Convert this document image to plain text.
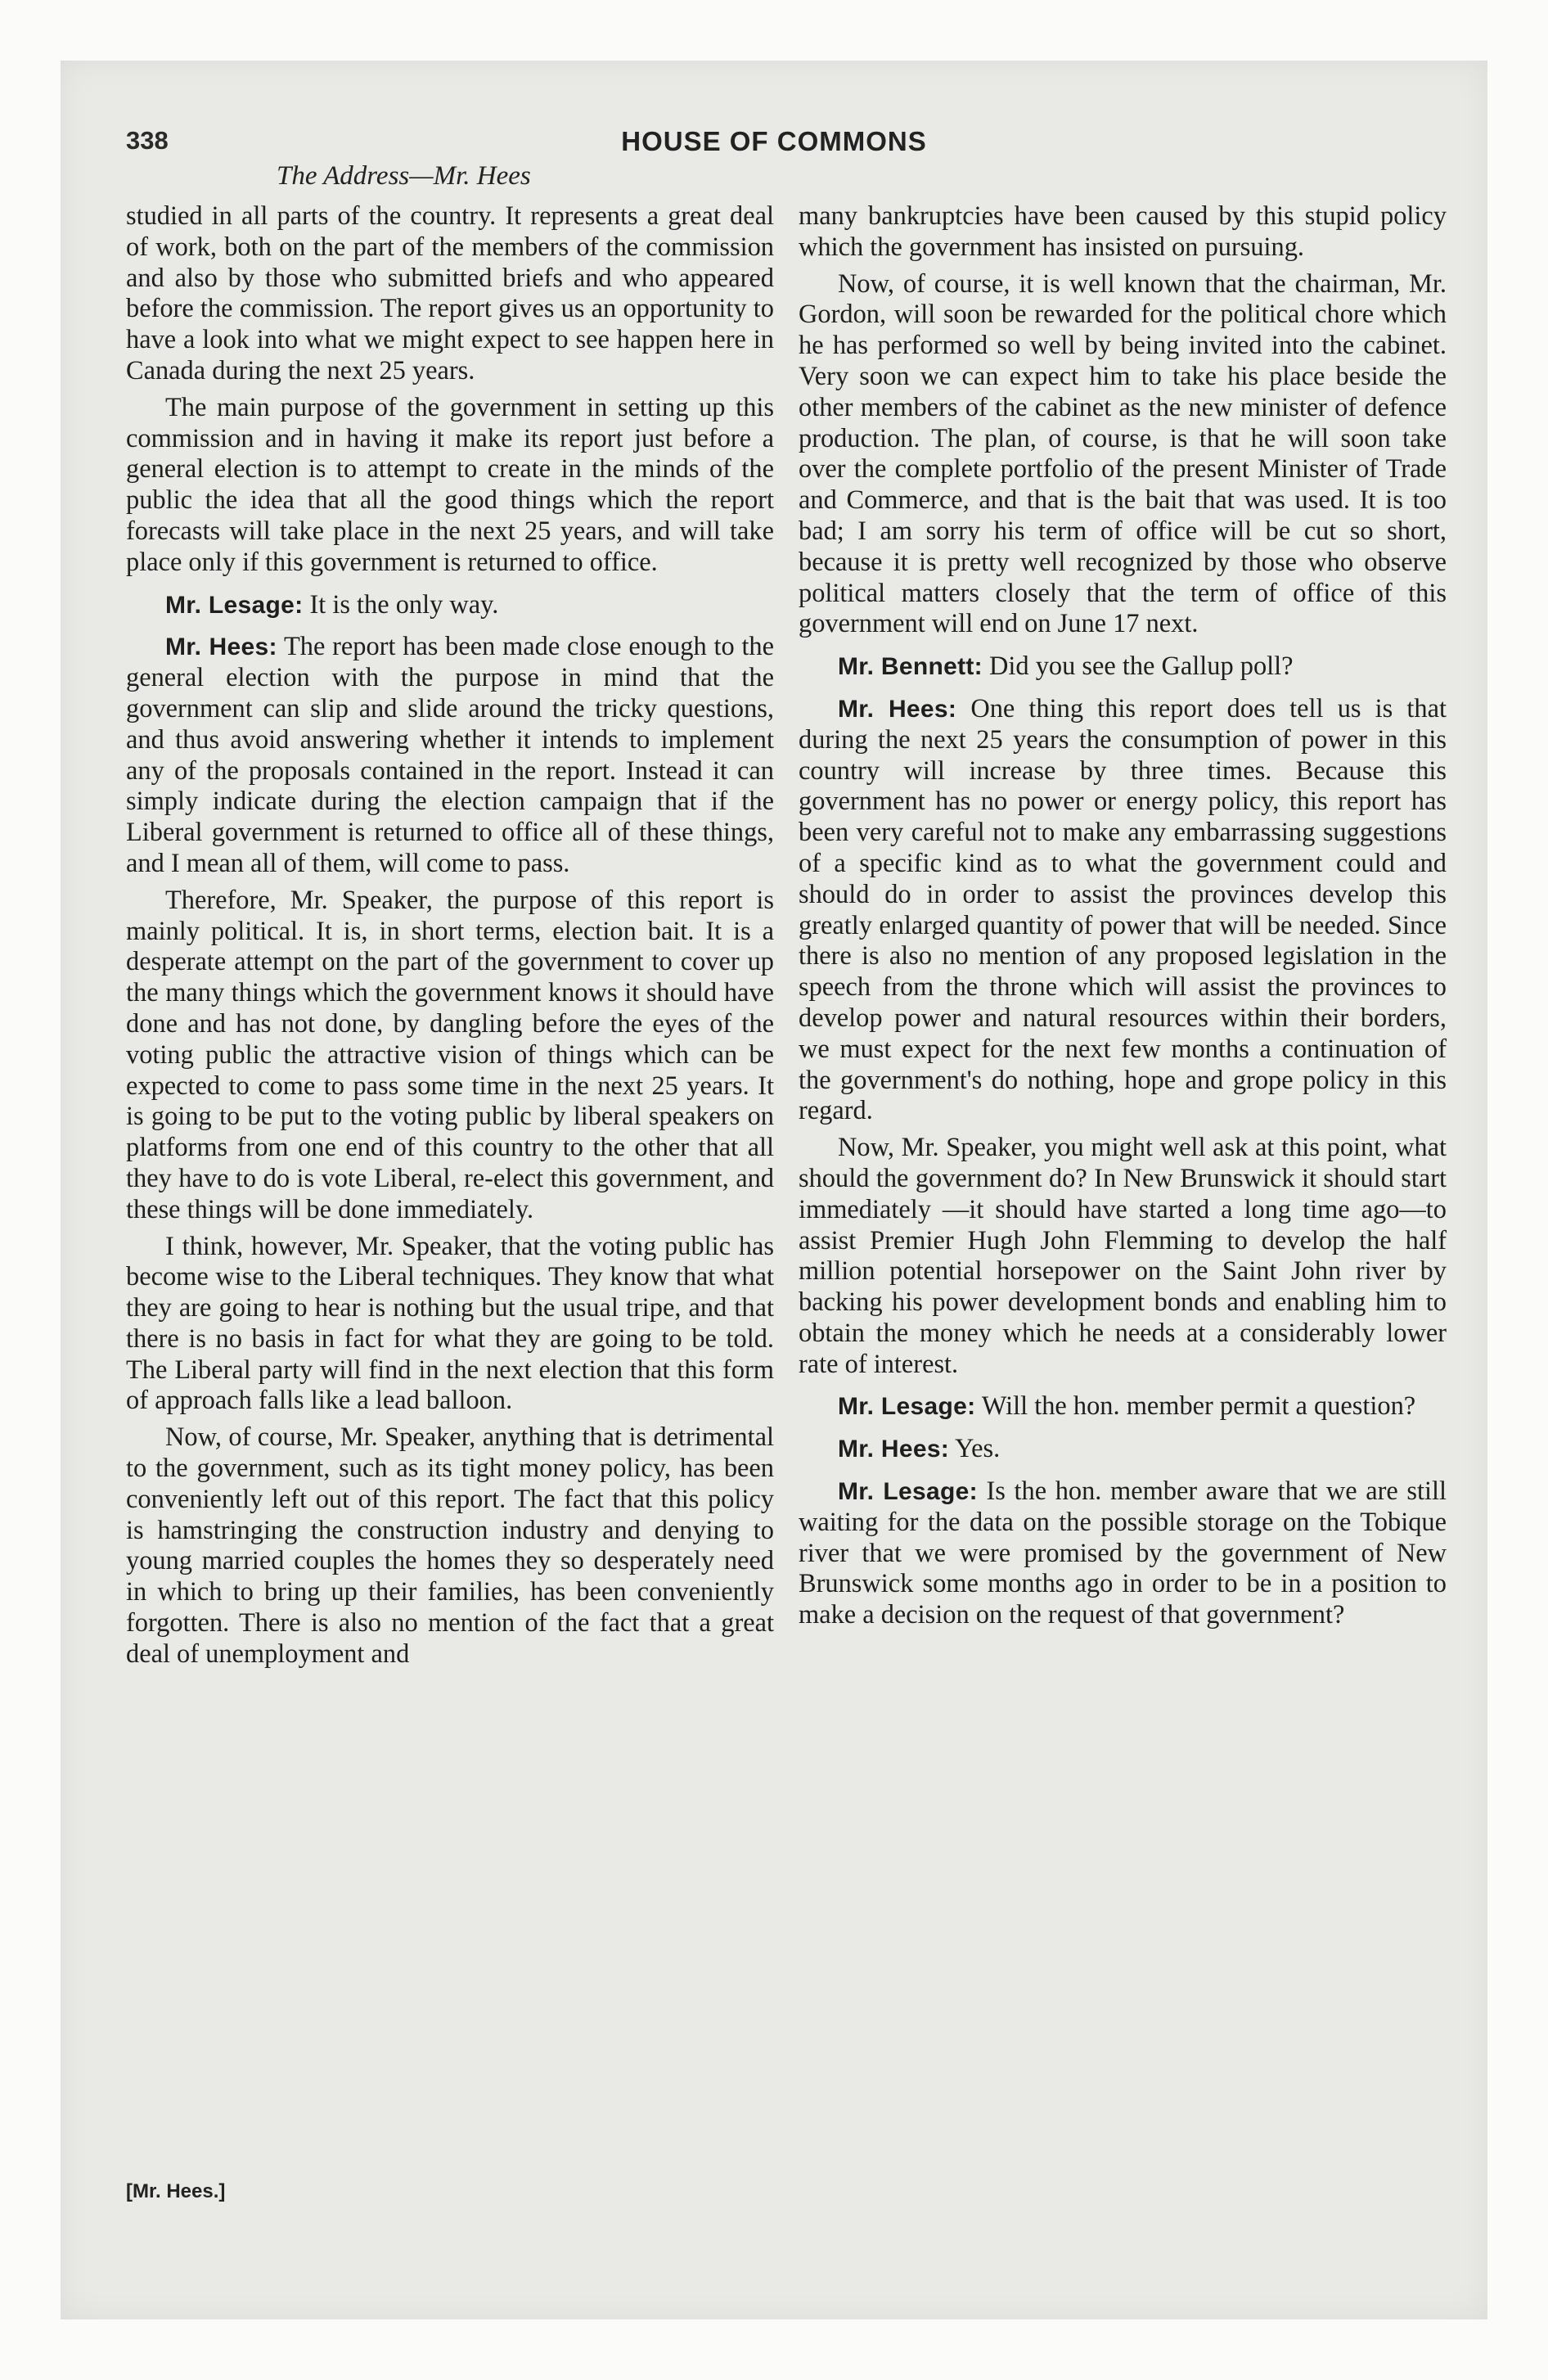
338	HOUSE OF COMMONS
The Address—Mr. Hees

studied in all parts of the country. It represents a great deal of work, both on the part of the members of the commission and also by those who submitted briefs and who appeared before the commission. The report gives us an opportunity to have a look into what we might expect to see happen here in Canada during the next 25 years.

The main purpose of the government in setting up this commission and in having it make its report just before a general election is to attempt to create in the minds of the public the idea that all the good things which the report forecasts will take place in the next 25 years, and will take place only if this government is returned to office.

Mr. Lesage: It is the only way.

Mr. Hees: The report has been made close enough to the general election with the purpose in mind that the government can slip and slide around the tricky questions, and thus avoid answering whether it intends to implement any of the proposals contained in the report. Instead it can simply indicate during the election campaign that if the Liberal government is returned to office all of these things, and I mean all of them, will come to pass.

Therefore, Mr. Speaker, the purpose of this report is mainly political. It is, in short terms, election bait. It is a desperate attempt on the part of the government to cover up the many things which the government knows it should have done and has not done, by dangling before the eyes of the voting public the attractive vision of things which can be expected to come to pass some time in the next 25 years. It is going to be put to the voting public by liberal speakers on platforms from one end of this country to the other that all they have to do is vote Liberal, re-elect this government, and these things will be done immediately.

I think, however, Mr. Speaker, that the voting public has become wise to the Liberal techniques. They know that what they are going to hear is nothing but the usual tripe, and that there is no basis in fact for what they are going to be told. The Liberal party will find in the next election that this form of approach falls like a lead balloon.

Now, of course, Mr. Speaker, anything that is detrimental to the government, such as its tight money policy, has been conveniently left out of this report. The fact that this policy is hamstringing the construction industry and denying to young married couples the homes they so desperately need in which to bring up their families, has been conveniently forgotten. There is also no mention of the fact that a great deal of unemployment and

many bankruptcies have been caused by this stupid policy which the government has insisted on pursuing.

Now, of course, it is well known that the chairman, Mr. Gordon, will soon be rewarded for the political chore which he has performed so well by being invited into the cabinet. Very soon we can expect him to take his place beside the other members of the cabinet as the new minister of defence production. The plan, of course, is that he will soon take over the complete portfolio of the present Minister of Trade and Commerce, and that is the bait that was used. It is too bad; I am sorry his term of office will be cut so short, because it is pretty well recognized by those who observe political matters closely that the term of office of this government will end on June 17 next.

Mr. Bennett: Did you see the Gallup poll?

Mr. Hees: One thing this report does tell us is that during the next 25 years the consumption of power in this country will increase by three times. Because this government has no power or energy policy, this report has been very careful not to make any embarrassing suggestions of a specific kind as to what the government could and should do in order to assist the provinces develop this greatly enlarged quantity of power that will be needed. Since there is also no mention of any proposed legislation in the speech from the throne which will assist the provinces to develop power and natural resources within their borders, we must expect for the next few months a continuation of the government's do nothing, hope and grope policy in this regard.

Now, Mr. Speaker, you might well ask at this point, what should the government do? In New Brunswick it should start immediately —it should have started a long time ago—to assist Premier Hugh John Flemming to develop the half million potential horsepower on the Saint John river by backing his power development bonds and enabling him to obtain the money which he needs at a considerably lower rate of interest.

Mr. Lesage: Will the hon. member permit a question?

Mr. Hees: Yes.

Mr. Lesage: Is the hon. member aware that we are still waiting for the data on the possible storage on the Tobique river that we were promised by the government of New Brunswick some months ago in order to be in a position to make a decision on the request of that government?

[Mr. Hees.]
